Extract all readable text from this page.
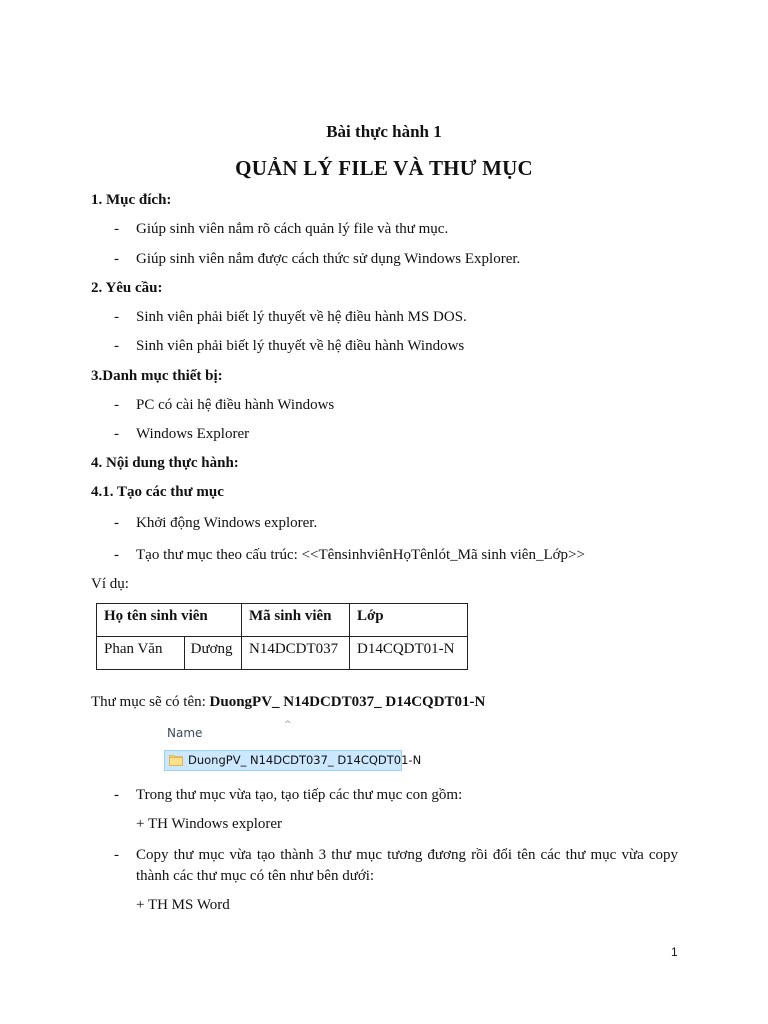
Bài thực hành 1
QUẢN LÝ FILE VÀ THƯ MỤC
1. Mục đích:
- Giúp sinh viên nắm rõ cách quản lý file và thư mục.
- Giúp sinh viên nắm được cách thức sử dụng Windows Explorer.
2. Yêu cầu:
- Sinh viên phải biết lý thuyết về hệ điều hành MS DOS.
- Sinh viên phải biết lý thuyết về hệ điều hành Windows
3.Danh mục thiết bị:
- PC có cài hệ điều hành Windows
- Windows Explorer
4. Nội dung thực hành:
4.1. Tạo các thư mục
- Khởi động Windows explorer.
- Tạo thư mục theo cấu trúc: <<TênsinhviênHọTênlót_Mã sinh viên_Lớp>>
Ví dụ:
Họ tên sinh viên		Mã sinh viên	Lớp
Phan Văn	Dương	N14DCDT037	D14CQDT01-N
Thư mục sẽ có tên: DuongPV_ N14DCDT037_ D14CQDT01-N
^
Name
DuongPV_ N14DCDT037_ D14CQDT01-N
- Trong thư mục vừa tạo, tạo tiếp các thư mục con gồm:
+ TH Windows explorer
- Copy thư mục vừa tạo thành 3 thư mục tương đương rồi đổi tên các thư mục vừa copy
thành các thư mục có tên như bên dưới:
+ TH MS Word
1
